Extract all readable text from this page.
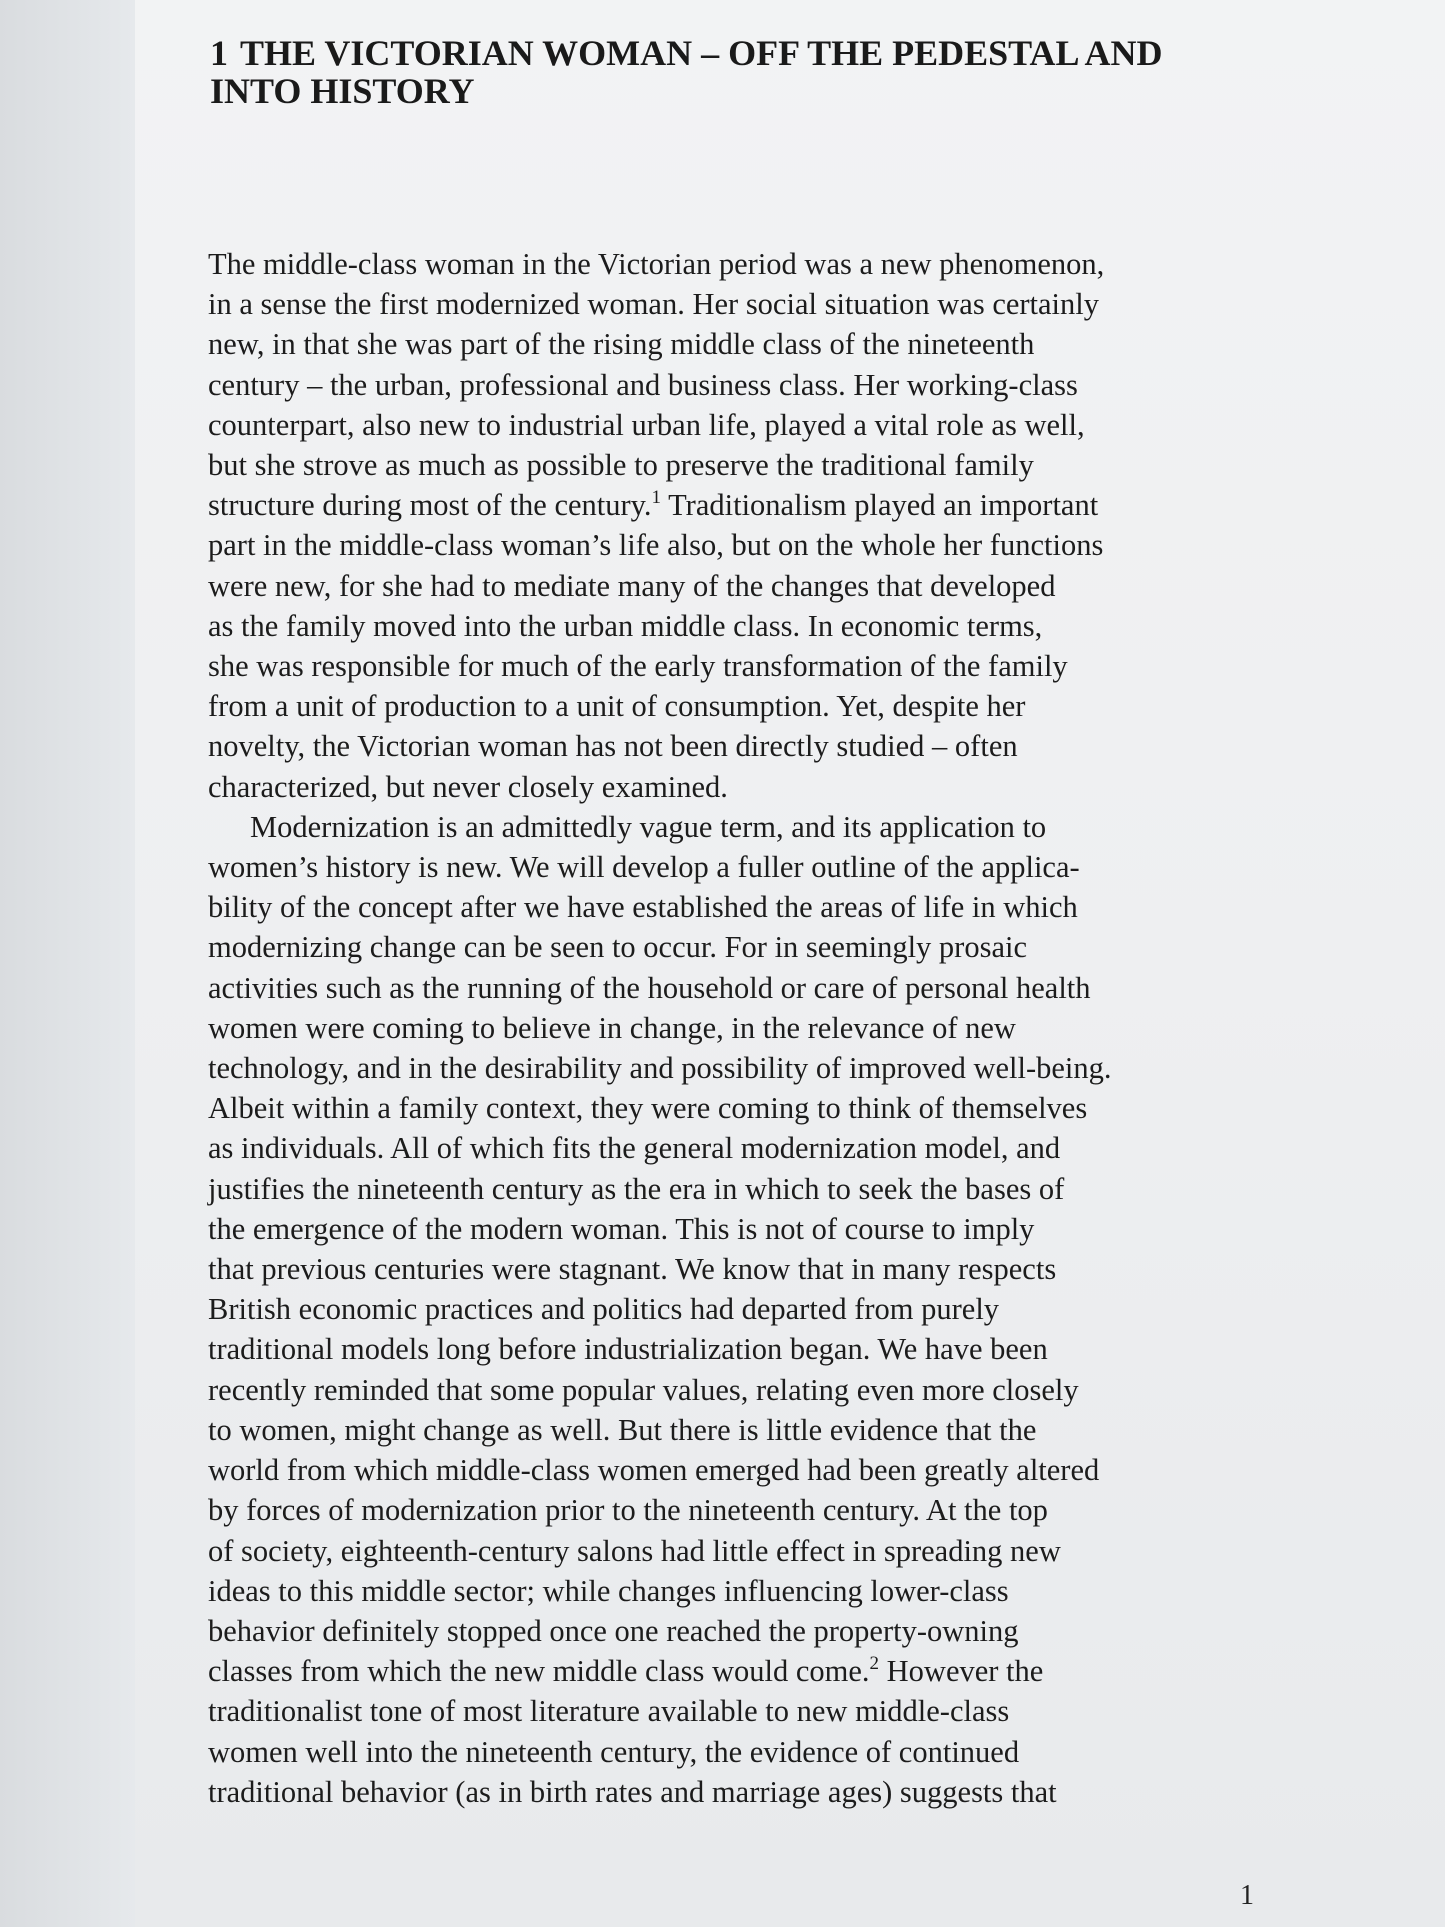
1 THE VICTORIAN WOMAN – OFF THE PEDESTAL AND
INTO HISTORY
The middle-class woman in the Victorian period was a new phenomenon,
in a sense the first modernized woman. Her social situation was certainly
new, in that she was part of the rising middle class of the nineteenth
century – the urban, professional and business class. Her working-class
counterpart, also new to industrial urban life, played a vital role as well,
but she strove as much as possible to preserve the traditional family
structure during most of the century.$^1$ Traditionalism played an important
part in the middle-class woman’s life also, but on the whole her functions
were new, for she had to mediate many of the changes that developed
as the family moved into the urban middle class. In economic terms,
she was responsible for much of the early transformation of the family
from a unit of production to a unit of consumption. Yet, despite her
novelty, the Victorian woman has not been directly studied – often
characterized, but never closely examined.
Modernization is an admittedly vague term, and its application to
women’s history is new. We will develop a fuller outline of the applica-
bility of the concept after we have established the areas of life in which
modernizing change can be seen to occur. For in seemingly prosaic
activities such as the running of the household or care of personal health
women were coming to believe in change, in the relevance of new
technology, and in the desirability and possibility of improved well-being.
Albeit within a family context, they were coming to think of themselves
as individuals. All of which fits the general modernization model, and
justifies the nineteenth century as the era in which to seek the bases of
the emergence of the modern woman. This is not of course to imply
that previous centuries were stagnant. We know that in many respects
British economic practices and politics had departed from purely
traditional models long before industrialization began. We have been
recently reminded that some popular values, relating even more closely
to women, might change as well. But there is little evidence that the
world from which middle-class women emerged had been greatly altered
by forces of modernization prior to the nineteenth century. At the top
of society, eighteenth-century salons had little effect in spreading new
ideas to this middle sector; while changes influencing lower-class
behavior definitely stopped once one reached the property-owning
classes from which the new middle class would come.$^2$ However the
traditionalist tone of most literature available to new middle-class
women well into the nineteenth century, the evidence of continued
traditional behavior (as in birth rates and marriage ages) suggests that
1
